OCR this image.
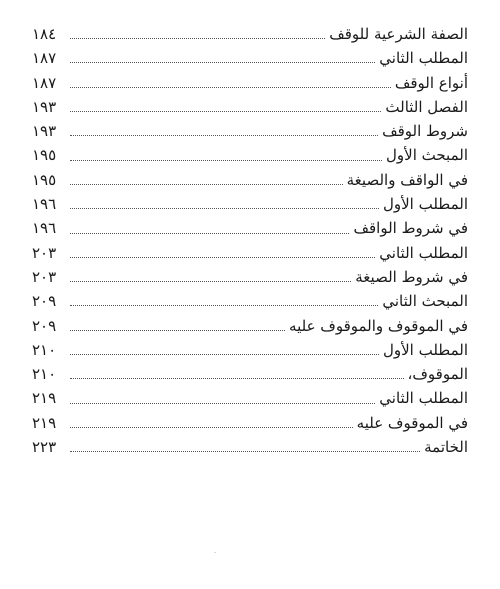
١٨٤	الصفة الشرعية للوقف
١٨٧	المطلب الثاني
١٨٧	أنواع الوقف
١٩٣	الفصل الثالث
١٩٣	شروط الوقف
١٩٥	المبحث الأول
١٩٥	في الواقف والصيغة
١٩٦	المطلب الأول
١٩٦	في شروط الواقف
٢٠٣	المطلب الثاني
٢٠٣	في شروط الصيغة
٢٠٩	المبحث الثاني
٢٠٩	في الموقوف والموقوف عليه
٢١٠	المطلب الأول
٢١٠	الموقوف،
٢١٩	المطلب الثاني
٢١٩	في الموقوف عليه
٢٢٣	الخاتمة
